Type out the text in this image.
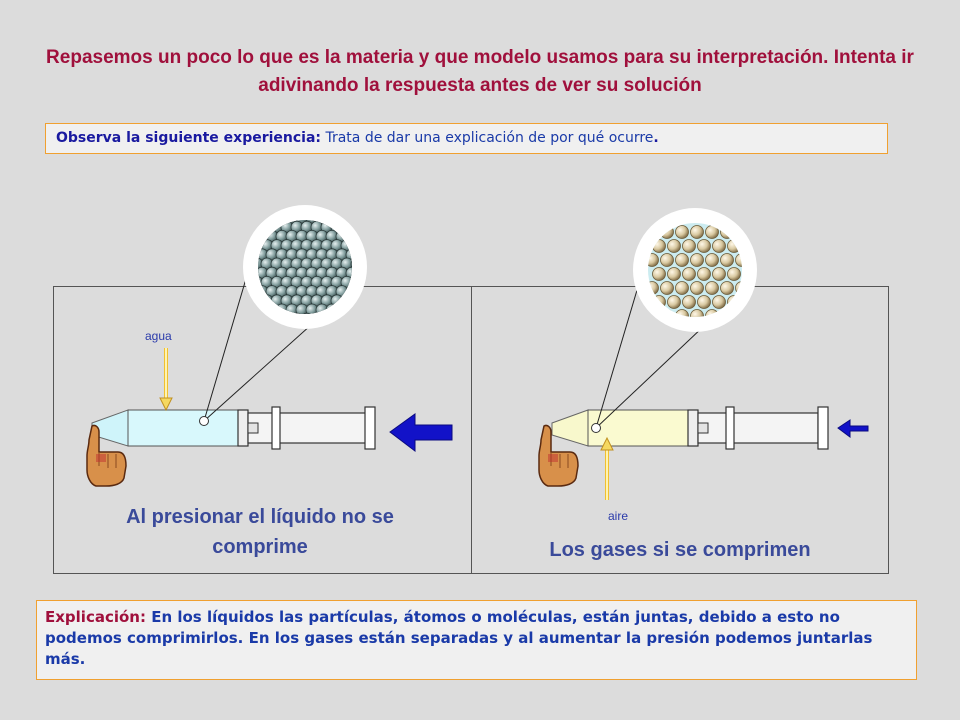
Repasemos un poco lo que es la materia y que modelo usamos para su interpretación. Intenta ir adivinando la respuesta antes de ver su solución
Observa la siguiente experiencia: Trata de dar una explicación de por qué ocurre.
agua
aire
Al presionar el líquido no se comprime	Los gases si se comprimen
Explicación: En los líquidos las partículas, átomos o moléculas, están juntas, debido a esto no podemos comprimirlos. En los gases están separadas y al aumentar la presión podemos juntarlas más.
